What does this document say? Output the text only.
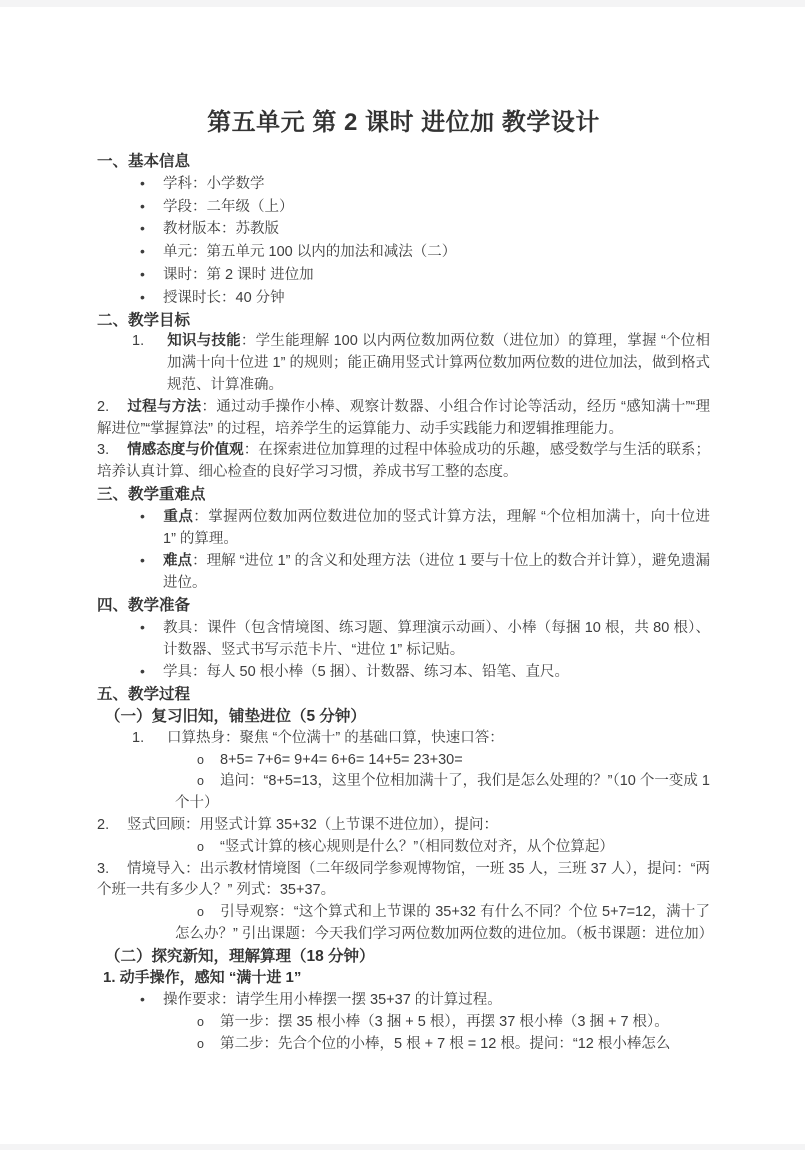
第五单元 第 2 课时 进位加 教学设计
一、基本信息
• 学科：小学数学
• 学段：二年级（上）
• 教材版本：苏教版
• 单元：第五单元 100 以内的加法和减法（二）
• 课时：第 2 课时 进位加
• 授课时长：40 分钟
二、教学目标
1. 知识与技能：学生能理解 100 以内两位数加两位数（进位加）的算理，掌握 “个位相加满十向十位进 1” 的规则；能正确用竖式计算两位数加两位数的进位加法，做到格式规范、计算准确。
2. 过程与方法：通过动手操作小棒、观察计数器、小组合作讨论等活动，经历 “感知满十”“理解进位”“掌握算法” 的过程，培养学生的运算能力、动手实践能力和逻辑推理能力。
3. 情感态度与价值观：在探索进位加算理的过程中体验成功的乐趣，感受数学与生活的联系；培养认真计算、细心检查的良好学习习惯，养成书写工整的态度。
三、教学重难点
• 重点：掌握两位数加两位数进位加的竖式计算方法，理解 “个位相加满十，向十位进 1” 的算理。
• 难点：理解 “进位 1” 的含义和处理方法（进位 1 要与十位上的数合并计算），避免遗漏进位。
四、教学准备
• 教具：课件（包含情境图、练习题、算理演示动画）、小棒（每捆 10 根，共 80 根）、计数器、竖式书写示范卡片、“进位 1” 标记贴。
• 学具：每人 50 根小棒（5 捆）、计数器、练习本、铅笔、直尺。
五、教学过程
（一）复习旧知，铺垫进位（5 分钟）
1. 口算热身：聚焦 “个位满十” 的基础口算，快速口答：
o 8+5= 7+6= 9+4= 6+6= 14+5= 23+30=
o 追问：“8+5=13，这里个位相加满十了，我们是怎么处理的？”（10 个一变成 1 个十）
2. 竖式回顾：用竖式计算 35+32（上节课不进位加），提问：
o “竖式计算的核心规则是什么？”（相同数位对齐，从个位算起）
3. 情境导入：出示教材情境图（二年级同学参观博物馆，一班 35 人，三班 37 人），提问：“两个班一共有多少人？” 列式：35+37。
o 引导观察：“这个算式和上节课的 35+32 有什么不同？个位 5+7=12，满十了怎么办？” 引出课题：今天我们学习两位数加两位数的进位加。（板书课题：进位加）
（二）探究新知，理解算理（18 分钟）
1. 动手操作，感知 “满十进 1”
• 操作要求：请学生用小棒摆一摆 35+37 的计算过程。
o 第一步：摆 35 根小棒（3 捆 + 5 根），再摆 37 根小棒（3 捆 + 7 根）。
o 第二步：先合个位的小棒，5 根 + 7 根 = 12 根。提问：“12 根小棒怎么
